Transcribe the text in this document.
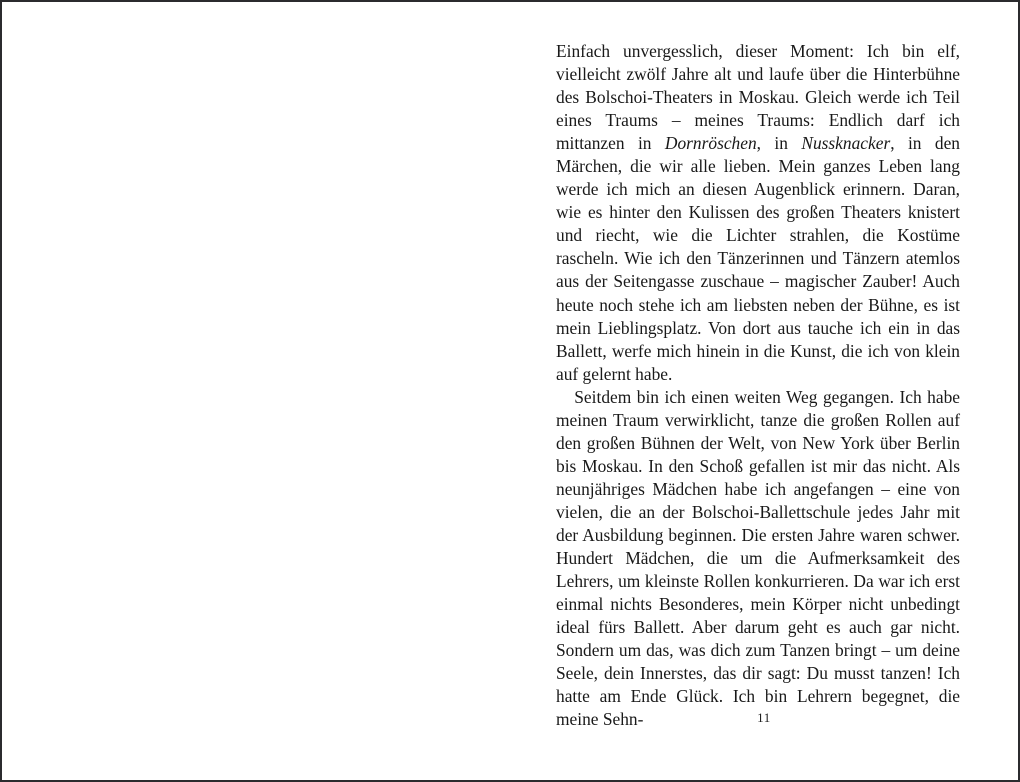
Einfach unvergesslich, dieser Moment: Ich bin elf, vielleicht zwölf Jahre alt und laufe über die Hinterbühne des Bolschoi-Theaters in Moskau. Gleich werde ich Teil eines Traums – meines Traums: Endlich darf ich mittanzen in Dornröschen, in Nussknacker, in den Märchen, die wir alle lieben. Mein ganzes Leben lang werde ich mich an diesen Augenblick erinnern. Daran, wie es hinter den Kulissen des großen Theaters knistert und riecht, wie die Lichter strahlen, die Kostüme rascheln. Wie ich den Tänzerinnen und Tänzern atemlos aus der Seitengasse zuschaue – magischer Zauber! Auch heute noch stehe ich am liebsten neben der Bühne, es ist mein Lieblingsplatz. Von dort aus tauche ich ein in das Ballett, werfe mich hinein in die Kunst, die ich von klein auf gelernt habe.

Seitdem bin ich einen weiten Weg gegangen. Ich habe meinen Traum verwirklicht, tanze die großen Rollen auf den großen Bühnen der Welt, von New York über Berlin bis Moskau. In den Schoß gefallen ist mir das nicht. Als neunjähriges Mädchen habe ich angefangen – eine von vielen, die an der Bolschoi-Ballettschule jedes Jahr mit der Ausbildung beginnen. Die ersten Jahre waren schwer. Hundert Mädchen, die um die Aufmerksamkeit des Lehrers, um kleinste Rollen konkurrieren. Da war ich erst einmal nichts Besonderes, mein Körper nicht unbedingt ideal fürs Ballett. Aber darum geht es auch gar nicht. Sondern um das, was dich zum Tanzen bringt – um deine Seele, dein Innerstes, das dir sagt: Du musst tanzen! Ich hatte am Ende Glück. Ich bin Lehrern begegnet, die meine Sehn-	11
